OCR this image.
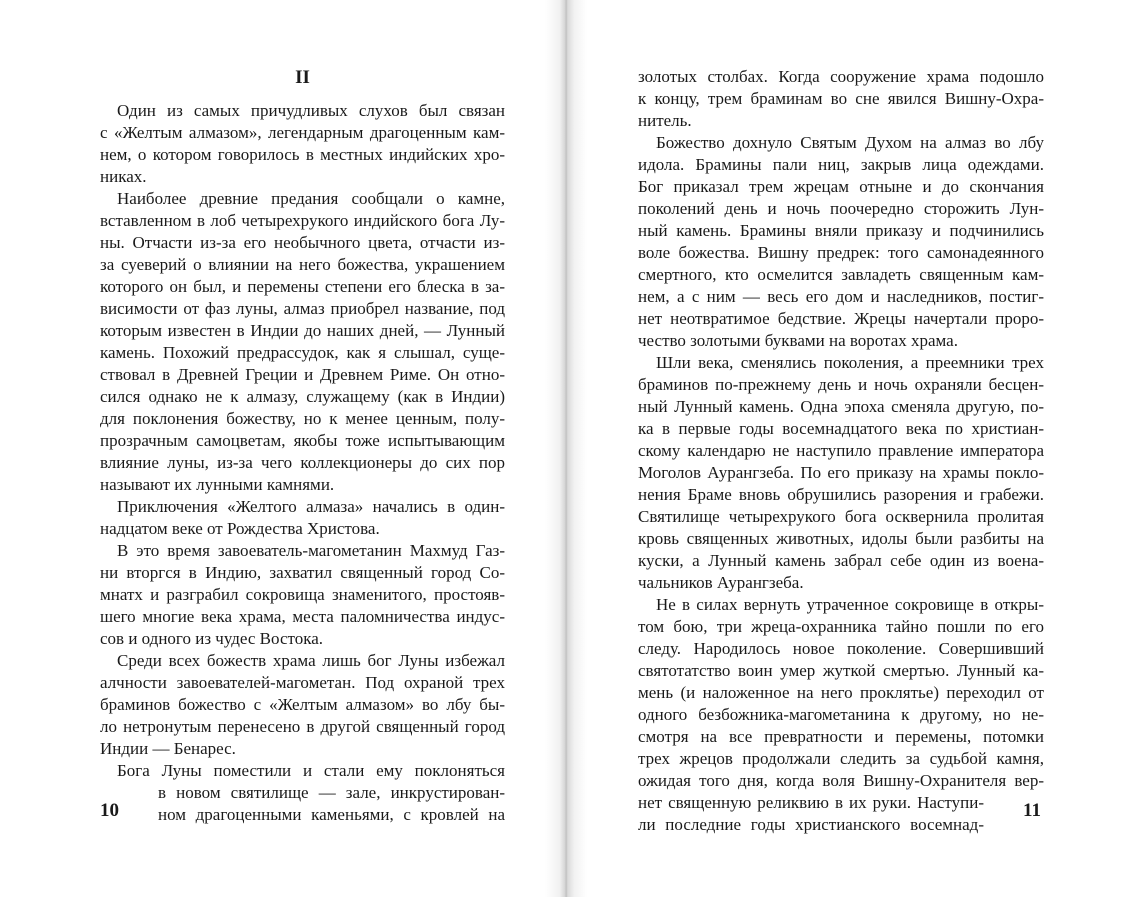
II
Один из самых причудливых слухов был связан
с «Желтым алмазом», легендарным драгоценным кам-
нем, о котором говорилось в местных индийских хро-
никах.
Наиболее древние предания сообщали о камне,
вставленном в лоб четырехрукого индийского бога Лу-
ны. Отчасти из-за его необычного цвета, отчасти из-
за суеверий о влиянии на него божества, украшением
которого он был, и перемены степени его блеска в за-
висимости от фаз луны, алмаз приобрел название, под
которым известен в Индии до наших дней, — Лунный
камень. Похожий предрассудок, как я слышал, суще-
ствовал в Древней Греции и Древнем Риме. Он отно-
сился однако не к алмазу, служащему (как в Индии)
для поклонения божеству, но к менее ценным, полу-
прозрачным самоцветам, якобы тоже испытывающим
влияние луны, из-за чего коллекционеры до сих пор
называют их лунными камнями.
Приключения «Желтого алмаза» начались в один-
надцатом веке от Рождества Христова.
В это время завоеватель-магометанин Махмуд Газ-
ни вторгся в Индию, захватил священный город Со-
мнатх и разграбил сокровища знаменитого, простояв-
шего многие века храма, места паломничества индус-
сов и одного из чудес Востока.
Среди всех божеств храма лишь бог Луны избежал
алчности завоевателей-магометан. Под охраной трех
браминов божество с «Желтым алмазом» во лбу бы-
ло нетронутым перенесено в другой священный город
Индии — Бенарес.
Бога Луны поместили и стали ему поклоняться
в новом святилище — зале, инкрустирован-
ном драгоценными каменьями, с кровлей на
10
золотых столбах. Когда сооружение храма подошло
к концу, трем браминам во сне явился Вишну-Охра-
нитель.
Божество дохнуло Святым Духом на алмаз во лбу
идола. Брамины пали ниц, закрыв лица одеждами.
Бог приказал трем жрецам отныне и до скончания
поколений день и ночь поочередно сторожить Лун-
ный камень. Брамины вняли приказу и подчинились
воле божества. Вишну предрек: того самонадеянного
смертного, кто осмелится завладеть священным кам-
нем, а с ним — весь его дом и наследников, постиг-
нет неотвратимое бедствие. Жрецы начертали проро-
чество золотыми буквами на воротах храма.
Шли века, сменялись поколения, а преемники трех
браминов по-прежнему день и ночь охраняли бесцен-
ный Лунный камень. Одна эпоха сменяла другую, по-
ка в первые годы восемнадцатого века по христиан-
скому календарю не наступило правление императора
Моголов Аурангзеба. По его приказу на храмы покло-
нения Браме вновь обрушились разорения и грабежи.
Святилище четырехрукого бога осквернила пролитая
кровь священных животных, идолы были разбиты на
куски, а Лунный камень забрал себе один из военa-
чальников Аурангзеба.
Не в силах вернуть утраченное сокровище в откры-
том бою, три жреца-охранника тайно пошли по его
следу. Народилось новое поколение. Совершивший
святотатство воин умер жуткой смертью. Лунный ка-
мень (и наложенное на него проклятье) переходил от
одного безбожника-магометанина к другому, но не-
смотря на все превратности и перемены, потомки
трех жрецов продолжали следить за судьбой камня,
ожидая того дня, когда воля Вишну-Охранителя вер-
нет священную реликвию в их руки. Наступи-
ли последние годы христианского восемнад-
11
